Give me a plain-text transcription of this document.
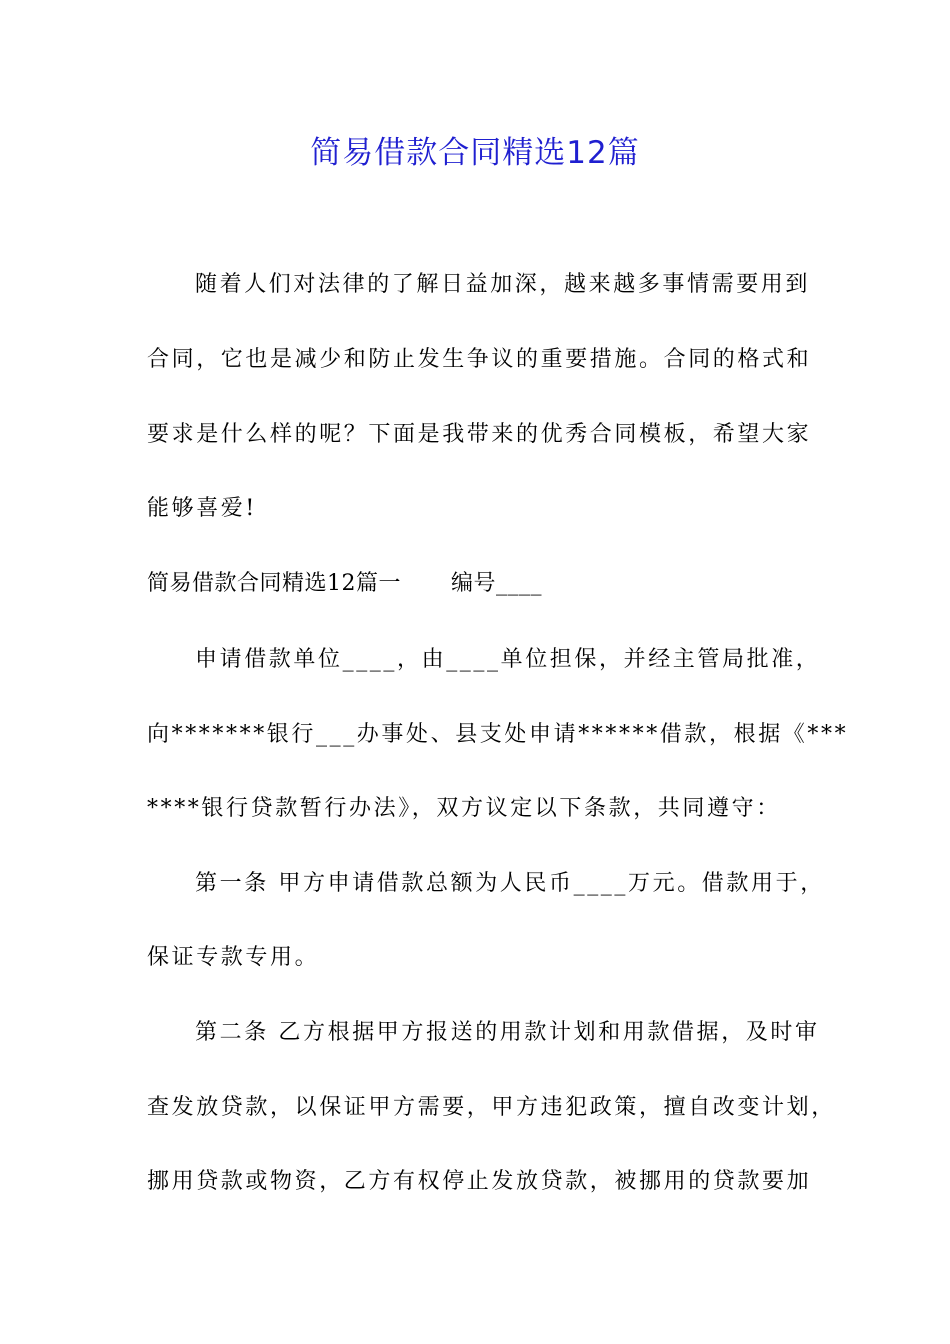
简易借款合同精选12篇
随着人们对法律的了解日益加深，越来越多事情需要用到
合同，它也是减少和防止发生争议的重要措施。合同的格式和
要求是什么样的呢？下面是我带来的优秀合同模板，希望大家
能够喜爱!
简易借款合同精选12篇一 编号____
申请借款单位____，由____单位担保，并经主管局批准，
向*******银行___办事处、县支处申请******借款，根据《***
****银行贷款暂行办法》，双方议定以下条款，共同遵守：
第一条 甲方申请借款总额为人民币____万元。借款用于，
保证专款专用。
第二条 乙方根据甲方报送的用款计划和用款借据，及时审
查发放贷款，以保证甲方需要，甲方违犯政策，擅自改变计划，
挪用贷款或物资，乙方有权停止发放贷款，被挪用的贷款要加
